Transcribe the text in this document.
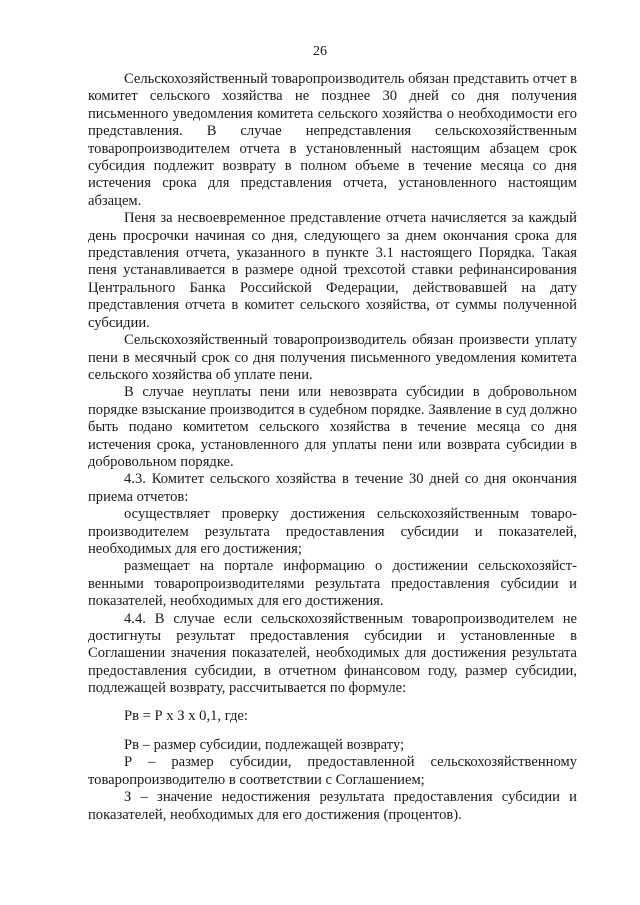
26

Сельскохозяйственный товаропроизводитель обязан представить отчет в комитет сельского хозяйства не позднее 30 дней со дня получения письменного уведомления комитета сельского хозяйства о необходимости его представления. В случае непредставления сельскохозяйственным товаропроизводителем отчета в установленный настоящим абзацем срок субсидия подлежит возврату в полном объеме в течение месяца со дня истечения срока для представления отчета, установленного настоящим абзацем.

Пеня за несвоевременное представление отчета начисляется за каждый день просрочки начиная со дня, следующего за днем окончания срока для представления отчета, указанного в пункте 3.1 настоящего Порядка. Такая пеня устанавливается в размере одной трехсотой ставки рефинансирования Центрального Банка Российской Федерации, действовавшей на дату представления отчета в комитет сельского хозяйства, от суммы полученной субсидии.

Сельскохозяйственный товаропроизводитель обязан произвести уплату пени в месячный срок со дня получения письменного уведомления комитета сельского хозяйства об уплате пени.

В случае неуплаты пени или невозврата субсидии в добровольном порядке взыскание производится в судебном порядке. Заявление в суд должно быть подано комитетом сельского хозяйства в течение месяца со дня истечения срока, установленного для уплаты пени или возврата субсидии в добровольном порядке.

4.3. Комитет сельского хозяйства в течение 30 дней со дня окончания приема отчетов:

осуществляет проверку достижения сельскохозяйственным товаропроизводителем результата предоставления субсидии и показателей, необходимых для его достижения;

размещает на портале информацию о достижении сельскохозяйственными товаропроизводителями результата предоставления субсидии и показателей, необходимых для его достижения.

4.4. В случае если сельскохозяйственным товаропроизводителем не достигнуты результат предоставления субсидии и установленные в Соглашении значения показателей, необходимых для достижения результата предоставления субсидии, в отчетном финансовом году, размер субсидии, подлежащей возврату, рассчитывается по формуле:

Рв = Р х З х 0,1, где:

Рв – размер субсидии, подлежащей возврату;

Р – размер субсидии, предоставленной сельскохозяйственному товаропроизводителю в соответствии с Соглашением;

З – значение недостижения результата предоставления субсидии и показателей, необходимых для его достижения (процентов).
